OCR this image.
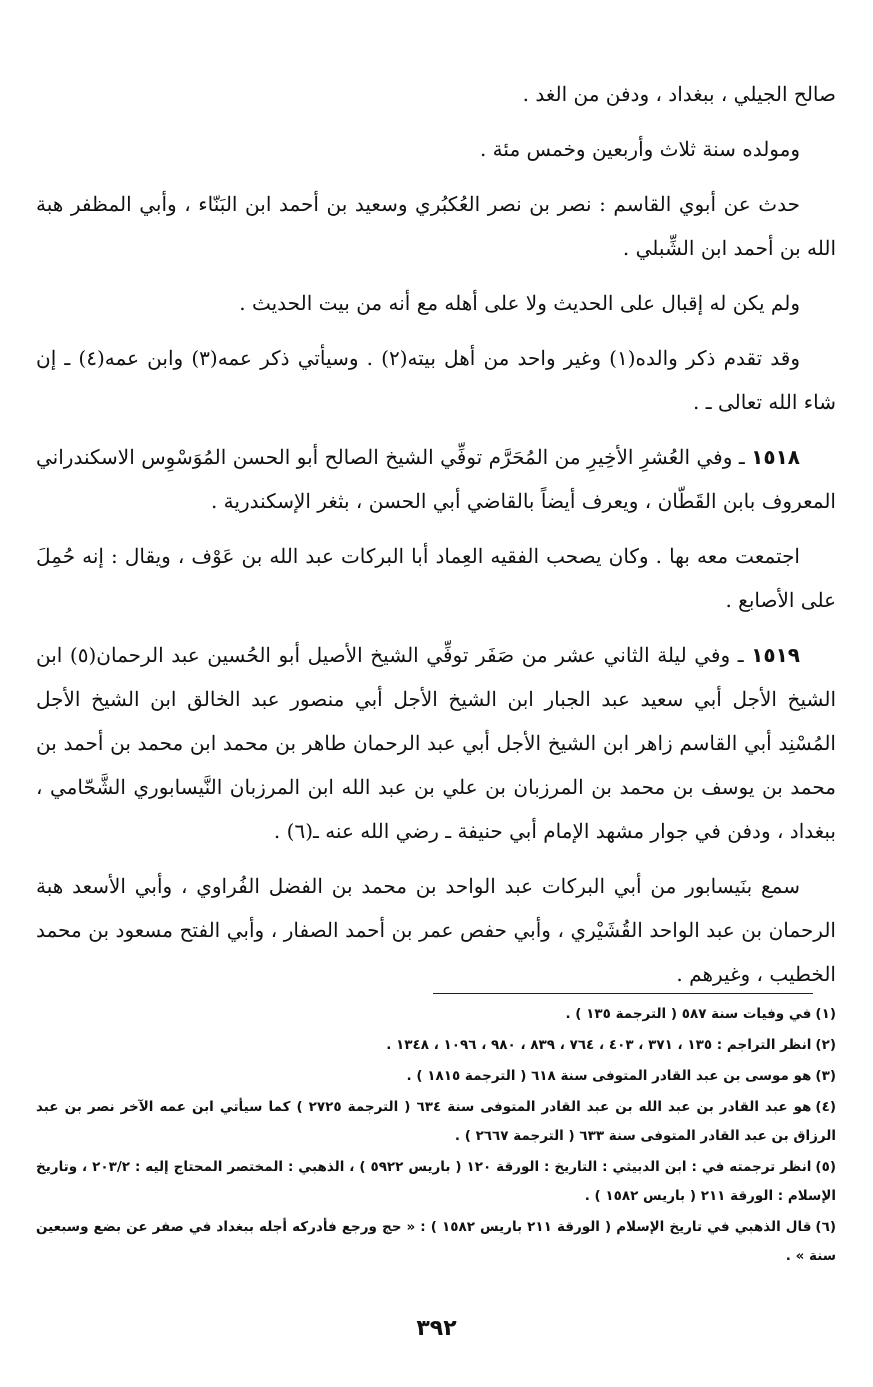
صالح الجيلي ، ببغداد ، ودفن من الغد .

ومولده سنة ثلاث وأربعين وخمس مئة .

حدث عن أبوي القاسم : نصر بن نصر العُكبُري وسعيد بن أحمد ابن البَنّاء ، وأبي المظفر هبة الله بن أحمد ابن الشِّبلي .

ولم يكن له إقبال على الحديث ولا على أهله مع أنه من بيت الحديث .

وقد تقدم ذكر والده(١) وغير واحد من أهل بيته(٢) . وسيأتي ذكر عمه(٣) وابن عمه(٤) ـ إن شاء الله تعالى ـ .

١٥١٨ ـ وفي العُشرِ الأخِيرِ من المُحَرَّم توفِّي الشيخ الصالح أبو الحسن المُوَسْوِس الاسكندراني المعروف بابن القَطّان ، ويعرف أيضاً بالقاضي أبي الحسن ، بثغر الإسكندرية .

اجتمعت معه بها . وكان يصحب الفقيه العِماد أبا البركات عبد الله بن عَوْف ، ويقال : إنه حُمِلَ على الأصابع .

١٥١٩ ـ وفي ليلة الثاني عشر من صَفَر توفِّي الشيخ الأصيل أبو الحُسين عبد الرحمان(٥) ابن الشيخ الأجل أبي سعيد عبد الجبار ابن الشيخ الأجل أبي منصور عبد الخالق ابن الشيخ الأجل المُسْنِد أبي القاسم زاهر ابن الشيخ الأجل أبي عبد الرحمان طاهر بن محمد ابن محمد بن أحمد بن محمد بن يوسف بن محمد بن المرزبان بن علي بن عبد الله ابن المرزبان النَّيسابوري الشَّحّامي ، ببغداد ، ودفن في جوار مشهد الإمام أبي حنيفة ـ رضي الله عنه ـ(٦) .

سمع بنَيسابور من أبي البركات عبد الواحد بن محمد بن الفضل الفُراوي ، وأبي الأسعد هبة الرحمان بن عبد الواحد القُشَيْري ، وأبي حفص عمر بن أحمد الصفار ، وأبي الفتح مسعود بن محمد الخطيب ، وغيرهم .

(١)في وفيات سنة ٥٨٧ ( الترجمة ١٣٥ ) .

(٢)انظر التراجم : ١٣٥ ، ٣٧١ ، ٤٠٣ ، ٧٦٤ ، ٨٣٩ ، ٩٨٠ ، ١٠٩٦ ، ١٣٤٨ .

(٣)هو موسى بن عبد القادر المتوفى سنة ٦١٨ ( الترجمة ١٨١٥ ) .

(٤)هو عبد القادر بن عبد الله بن عبد القادر المتوفى سنة ٦٣٤ ( الترجمة ٢٧٢٥ ) كما سيأتي ابن عمه الآخر نصر بن عبد الرزاق بن عبد القادر المتوفى سنة ٦٣٣ ( الترجمة ٢٦٦٧ ) .

(٥)انظر ترجمته في : ابن الدبيثي : التاريخ : الورقة ١٢٠ ( باريس ٥٩٢٢ ) ، الذهبي : المختصر المحتاج إليه : ٢٠٣/٢ ، وتاريخ الإسلام : الورقة ٢١١ ( باريس ١٥٨٢ ) .

(٦)قال الذهبي في تاريخ الإسلام ( الورقة ٢١١ باريس ١٥٨٢ ) : « حج ورجع فأدركه أجله ببغداد في صفر عن بضع وسبعين سنة » .

٣٩٢
